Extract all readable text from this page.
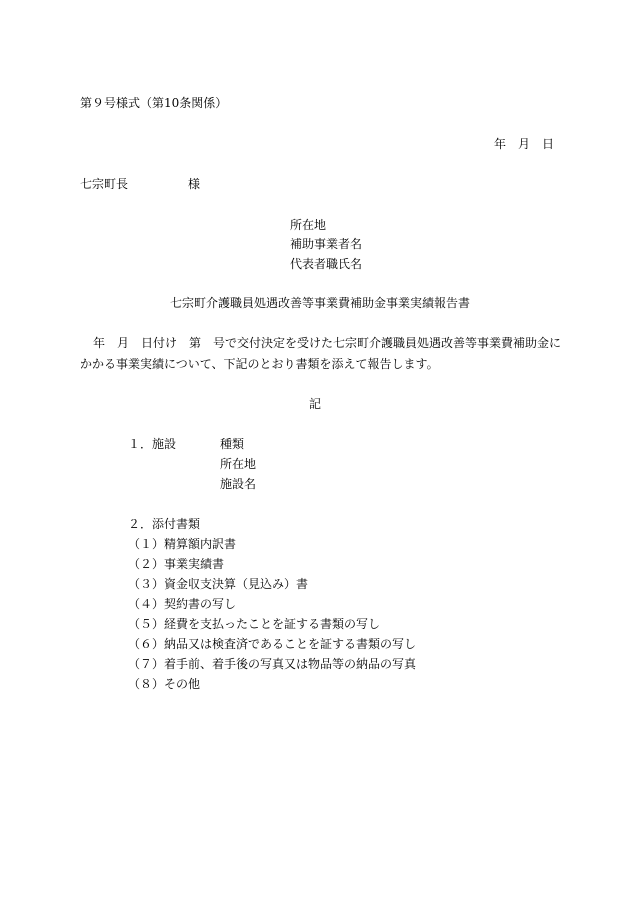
第９号様式（第10条関係）
年　月　日
七宗町長　　　　　様
所在地
補助事業者名
代表者職氏名
七宗町介護職員処遇改善等事業費補助金事業実績報告書
年　月　日付け　第　号で交付決定を受けた七宗町介護職員処遇改善等事業費補助金に
かかる事業実績について、下記のとおり書類を添えて報告します。
記
１．施設	種類
所在地
施設名
２．添付書類
（１）精算額内訳書
（２）事業実績書
（３）資金収支決算（見込み）書
（４）契約書の写し
（５）経費を支払ったことを証する書類の写し
（６）納品又は検査済であることを証する書類の写し
（７）着手前、着手後の写真又は物品等の納品の写真
（８）その他
